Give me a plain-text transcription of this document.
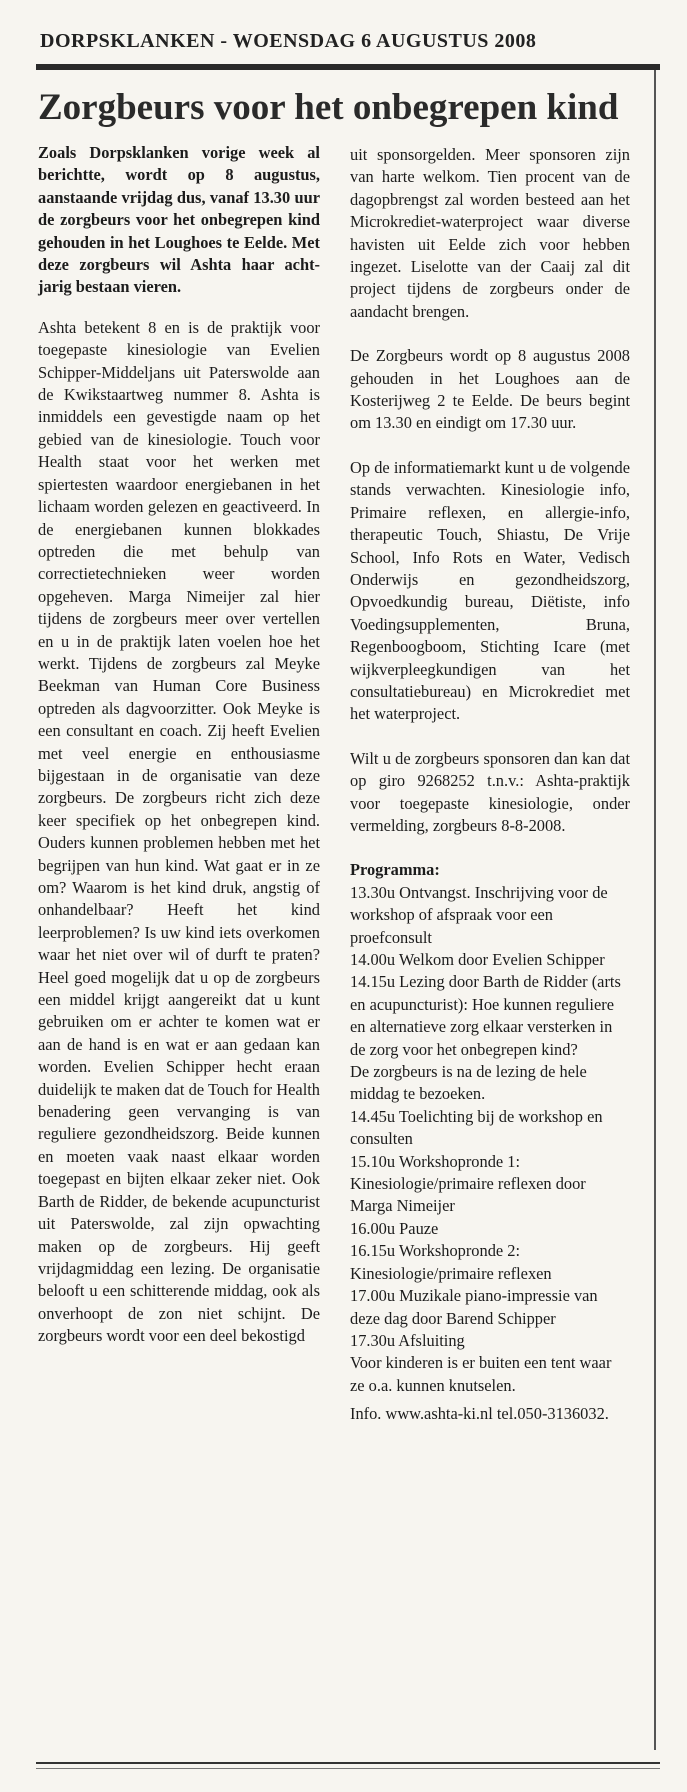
DORPSKLANKEN - WOENSDAG 6 AUGUSTUS 2008
Zorgbeurs voor het onbegrepen kind

Zoals Dorpsklanken vorige week al berichtte, wordt op 8 augustus, aanstaande vrijdag dus, vanaf 13.30 uur de zorgbeurs voor het onbegrepen kind gehouden in het Loughoes te Eelde. Met deze zorgbeurs wil Ashta haar acht-jarig bestaan vieren.

Ashta betekent 8 en is de praktijk voor toegepaste kinesiologie van Evelien Schipper-Middeljans uit Paterswolde aan de Kwikstaartweg nummer 8. Ashta is inmiddels een gevestigde naam op het gebied van de kinesiologie. Touch voor Health staat voor het werken met spiertesten waardoor energiebanen in het lichaam worden gelezen en geactiveerd. In de energiebanen kunnen blokkades optreden die met behulp van correctietechnieken weer worden opgeheven. Marga Nimeijer zal hier tijdens de zorgbeurs meer over vertellen en u in de praktijk laten voelen hoe het werkt. Tijdens de zorgbeurs zal Meyke Beekman van Human Core Business optreden als dagvoorzitter. Ook Meyke is een consultant en coach. Zij heeft Evelien met veel energie en enthousiasme bijgestaan in de organisatie van deze zorgbeurs. De zorgbeurs richt zich deze keer specifiek op het onbegrepen kind. Ouders kunnen problemen hebben met het begrijpen van hun kind. Wat gaat er in ze om? Waarom is het kind druk, angstig of onhandelbaar? Heeft het kind leerproblemen? Is uw kind iets overkomen waar het niet over wil of durft te praten? Heel goed mogelijk dat u op de zorgbeurs een middel krijgt aangereikt dat u kunt gebruiken om er achter te komen wat er aan de hand is en wat er aan gedaan kan worden. Evelien Schipper hecht eraan duidelijk te maken dat de Touch for Health benadering geen vervanging is van reguliere gezondheidszorg. Beide kunnen en moeten vaak naast elkaar worden toegepast en bijten elkaar zeker niet. Ook Barth de Ridder, de bekende acupuncturist uit Paterswolde, zal zijn opwachting maken op de zorgbeurs. Hij geeft vrijdagmiddag een lezing. De organisatie belooft u een schitterende middag, ook als onverhoopt de zon niet schijnt. De zorgbeurs wordt voor een deel bekostigd

uit sponsorgelden. Meer sponsoren zijn van harte welkom. Tien procent van de dagopbrengst zal worden besteed aan het Microkrediet-waterproject waar diverse havisten uit Eelde zich voor hebben ingezet. Liselotte van der Caaij zal dit project tijdens de zorgbeurs onder de aandacht brengen.

De Zorgbeurs wordt op 8 augustus 2008 gehouden in het Loughoes aan de Kosterijweg 2 te Eelde. De beurs begint om 13.30 en eindigt om 17.30 uur.

Op de informatiemarkt kunt u de volgende stands verwachten. Kinesiologie info, Primaire reflexen, en allergie-info, therapeutic Touch, Shiastu, De Vrije School, Info Rots en Water, Vedisch Onderwijs en gezondheidszorg, Opvoedkundig bureau, Diëtiste, info Voedingsupplementen, Bruna, Regenboogboom, Stichting Icare (met wijkverpleegkundigen van het consultatiebureau) en Microkrediet met het waterproject.

Wilt u de zorgbeurs sponsoren dan kan dat op giro 9268252 t.n.v.: Ashta-praktijk voor toegepaste kinesiologie, onder vermelding, zorgbeurs 8-8-2008.

Programma:

13.30u Ontvangst. Inschrijving voor de workshop of afspraak voor een proefconsult

14.00u Welkom door Evelien Schipper

14.15u Lezing door Barth de Ridder (arts en acupuncturist): Hoe kunnen reguliere en alternatieve zorg elkaar versterken in de zorg voor het onbegrepen kind?

De zorgbeurs is na de lezing de hele middag te bezoeken.

14.45u Toelichting bij de workshop en consulten

15.10u Workshopronde 1: Kinesiologie/primaire reflexen door Marga Nimeijer

16.00u Pauze

16.15u Workshopronde 2: Kinesiologie/primaire reflexen

17.00u Muzikale piano-impressie van deze dag door Barend Schipper

17.30u Afsluiting

Voor kinderen is er buiten een tent waar ze o.a. kunnen knutselen.

Info. www.ashta-ki.nl tel.050-3136032.
